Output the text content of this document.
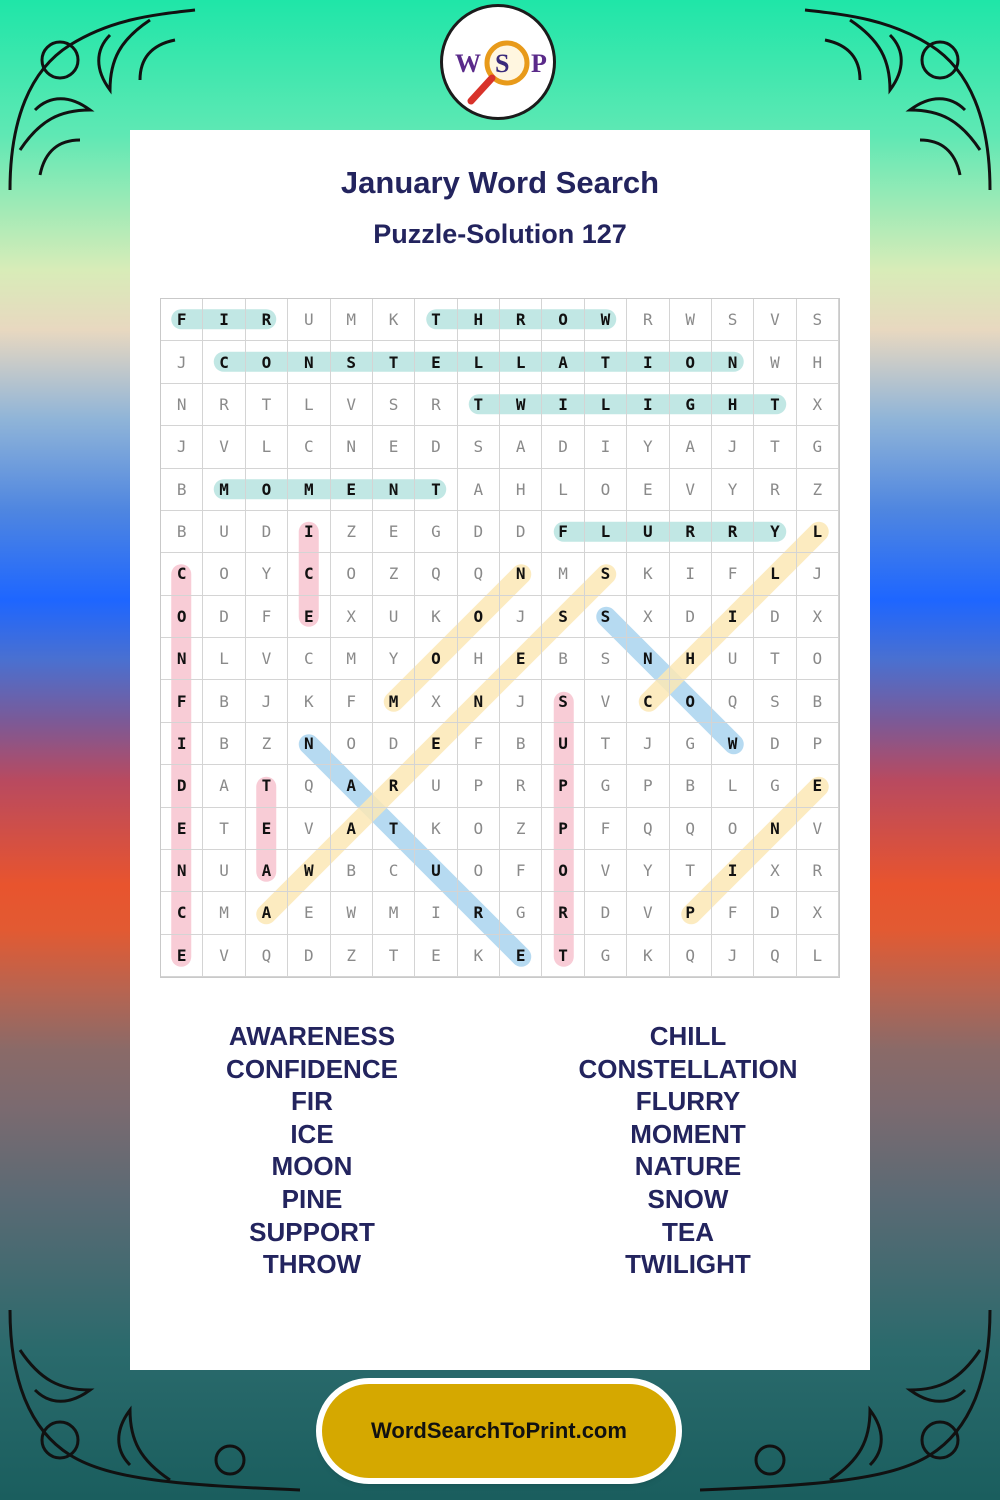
W S P
January Word Search
Puzzle-Solution 127
F	I	R	U	M	K	T	H	R	O	W	R	W	S	V	S
J	C	O	N	S	T	E	L	L	A	T	I	O	N	W	H
N	R	T	L	V	S	R	T	W	I	L	I	G	H	T	X
J	V	L	C	N	E	D	S	A	D	I	Y	A	J	T	G
B	M	O	M	E	N	T	A	H	L	O	E	V	Y	R	Z
B	U	D	I	Z	E	G	D	D	F	L	U	R	R	Y	L
C	O	Y	C	O	Z	Q	Q	N	M	S	K	I	F	L	J
O	D	F	E	X	U	K	O	J	S	S	X	D	I	D	X
N	L	V	C	M	Y	O	H	E	B	S	N	H	U	T	O
F	B	J	K	F	M	X	N	J	S	V	C	O	Q	S	B
I	B	Z	N	O	D	E	F	B	U	T	J	G	W	D	P
D	A	T	Q	A	R	U	P	R	P	G	P	B	L	G	E
E	T	E	V	A	T	K	O	Z	P	F	Q	Q	O	N	V
N	U	A	W	B	C	U	O	F	O	V	Y	T	I	X	R
C	M	A	E	W	M	I	R	G	R	D	V	P	F	D	X
E	V	Q	D	Z	T	E	K	E	T	G	K	Q	J	Q	L
AWARENESS
CONFIDENCE
FIR
ICE
MOON
PINE
SUPPORT
THROW
CHILL
CONSTELLATION
FLURRY
MOMENT
NATURE
SNOW
TEA
TWILIGHT
WordSearchToPrint.com
